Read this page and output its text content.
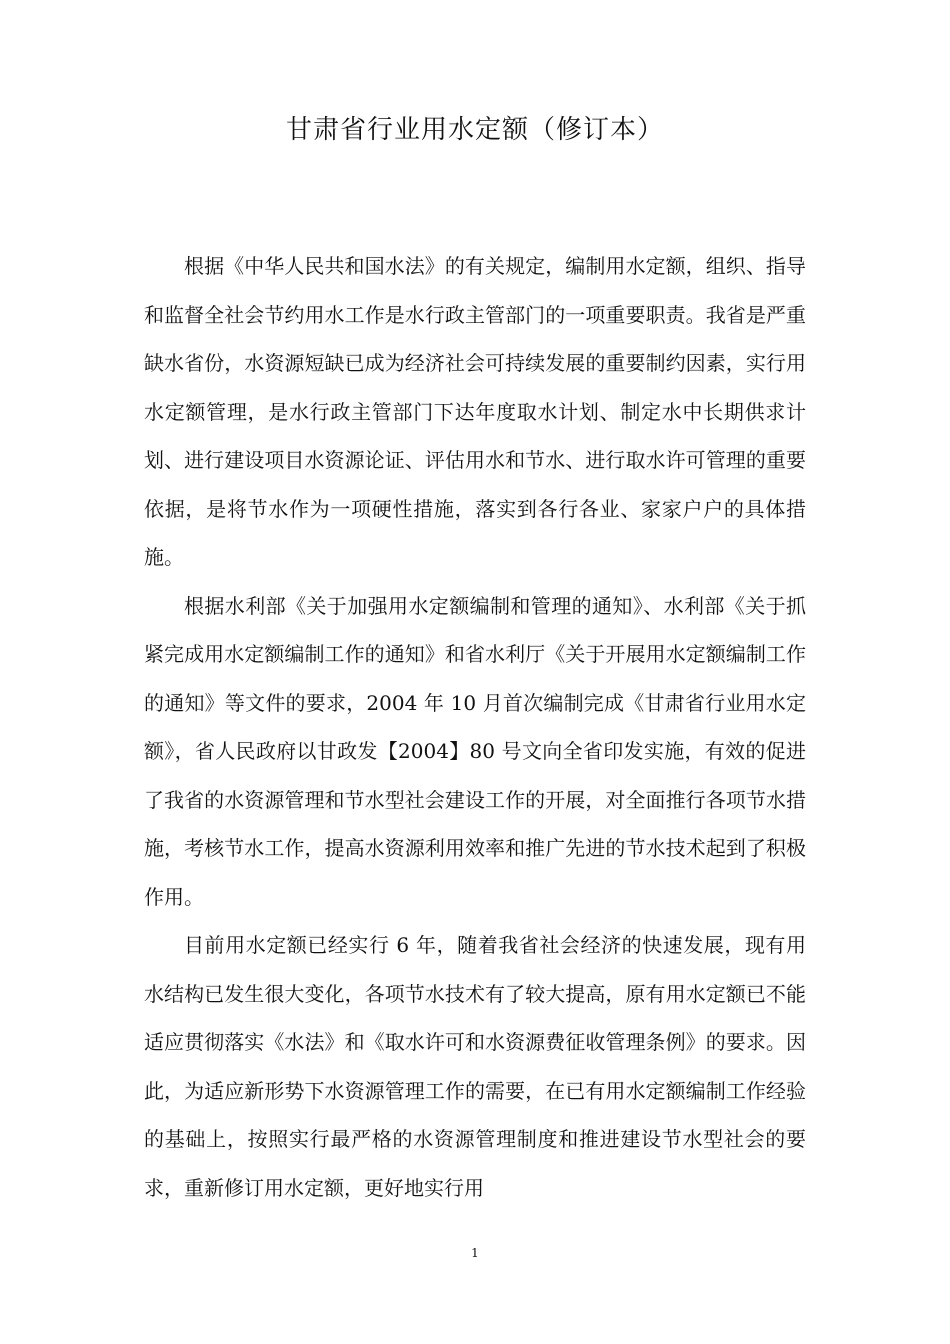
甘肃省行业用水定额（修订本）

根据《中华人民共和国水法》的有关规定，编制用水定额，组织、指导和监督全社会节约用水工作是水行政主管部门的一项重要职责。我省是严重缺水省份，水资源短缺已成为经济社会可持续发展的重要制约因素，实行用水定额管理，是水行政主管部门下达年度取水计划、制定水中长期供求计划、进行建设项目水资源论证、评估用水和节水、进行取水许可管理的重要依据，是将节水作为一项硬性措施，落实到各行各业、家家户户的具体措施。

根据水利部《关于加强用水定额编制和管理的通知》、水利部《关于抓紧完成用水定额编制工作的通知》和省水利厅《关于开展用水定额编制工作的通知》等文件的要求，2004 年 10 月首次编制完成《甘肃省行业用水定额》，省人民政府以甘政发【2004】80 号文向全省印发实施，有效的促进了我省的水资源管理和节水型社会建设工作的开展，对全面推行各项节水措施，考核节水工作，提高水资源利用效率和推广先进的节水技术起到了积极作用。

目前用水定额已经实行 6 年，随着我省社会经济的快速发展，现有用水结构已发生很大变化，各项节水技术有了较大提高，原有用水定额已不能适应贯彻落实《水法》和《取水许可和水资源费征收管理条例》的要求。因此，为适应新形势下水资源管理工作的需要，在已有用水定额编制工作经验的基础上，按照实行最严格的水资源管理制度和推进建设节水型社会的要求，重新修订用水定额，更好地实行用

1
